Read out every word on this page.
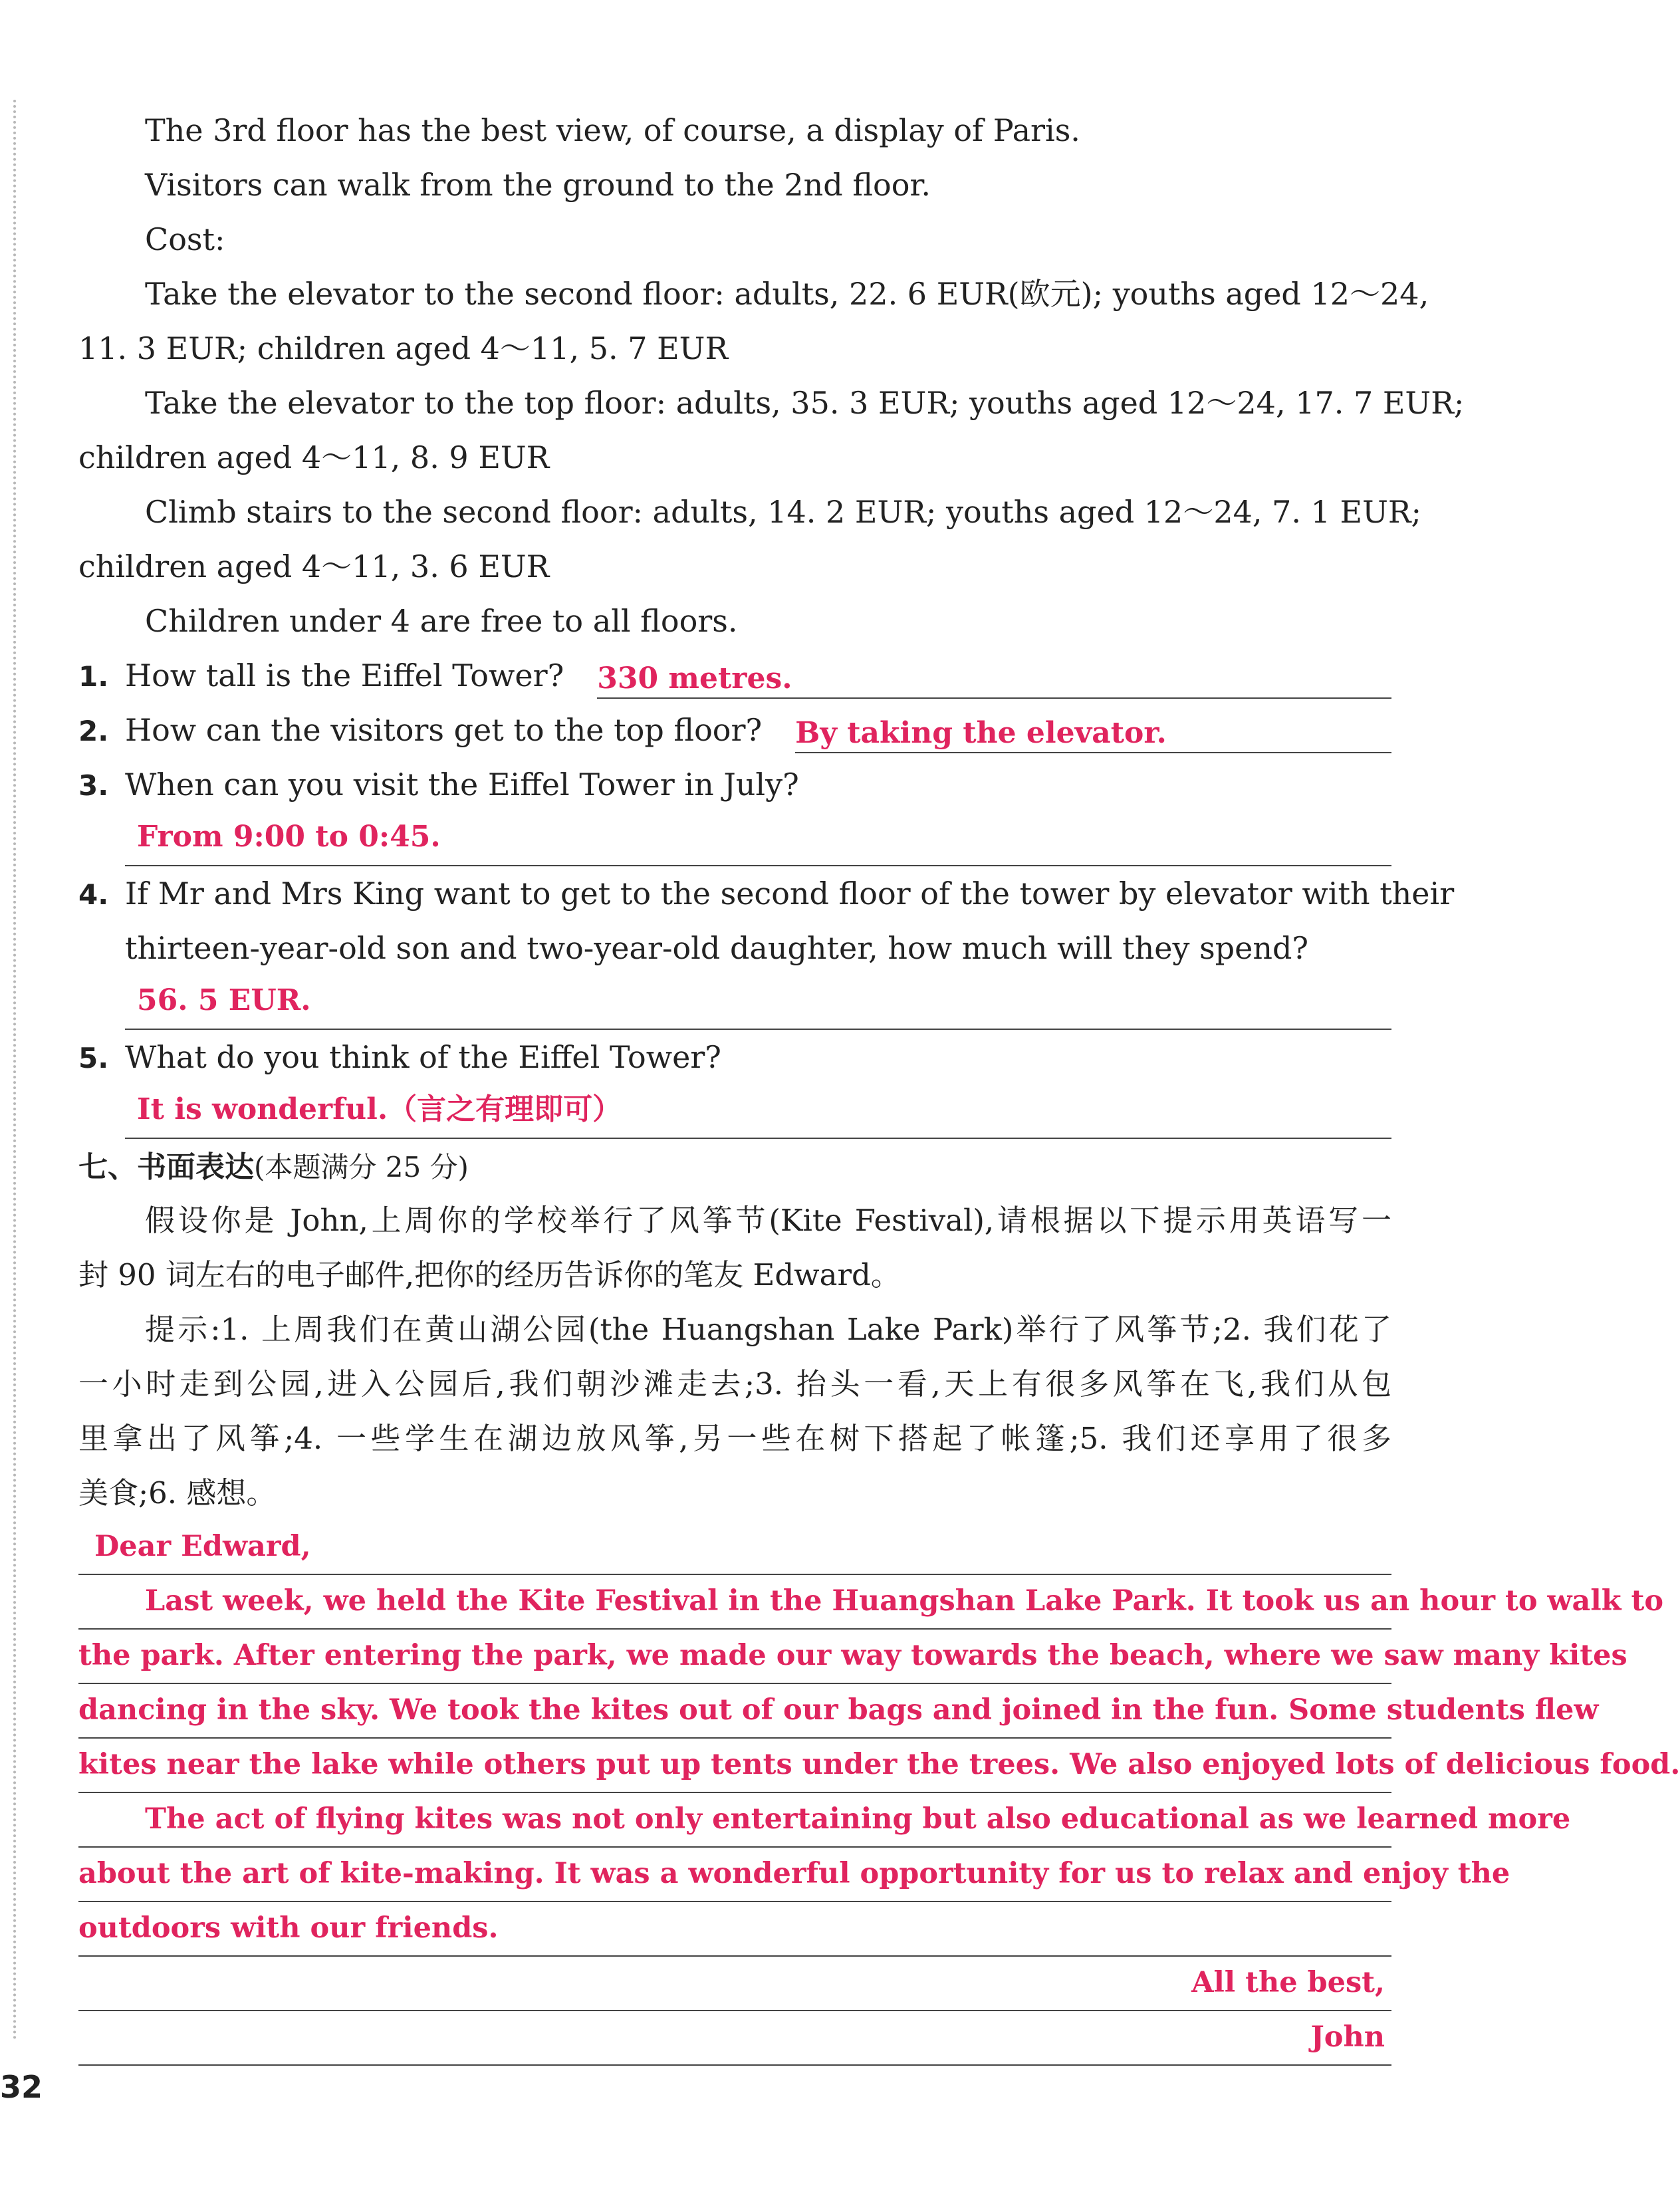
The 3rd floor has the best view, of course, a display of Paris.
Visitors can walk from the ground to the 2nd floor.
Cost:
Take the elevator to the second floor: adults, 22. 6 EUR(欧元); youths aged 12～24,
11. 3 EUR; children aged 4～11, 5. 7 EUR
Take the elevator to the top floor: adults, 35. 3 EUR; youths aged 12～24, 17. 7 EUR;
children aged 4～11, 8. 9 EUR
Climb stairs to the second floor: adults, 14. 2 EUR; youths aged 12～24, 7. 1 EUR;
children aged 4～11, 3. 6 EUR
Children under 4 are free to all floors.
1. How tall is the Eiffel Tower? 330 metres.
2. How can the visitors get to the top floor? By taking the elevator.
3. When can you visit the Eiffel Tower in July?
From 9:00 to 0:45.
4. If Mr and Mrs King want to get to the second floor of the tower by elevator with their
thirteen-year-old son and two-year-old daughter, how much will they spend?
56. 5 EUR.
5. What do you think of the Eiffel Tower?
It is wonderful.（言之有理即可）
七、书面表达(本题满分 25 分)
假设你是 John,上周你的学校举行了风筝节(Kite Festival),请根据以下提示用英语写一
封 90 词左右的电子邮件,把你的经历告诉你的笔友 Edward。
提示:1. 上周我们在黄山湖公园(the Huangshan Lake Park)举行了风筝节;2. 我们花了
一小时走到公园,进入公园后,我们朝沙滩走去;3. 抬头一看,天上有很多风筝在飞,我们从包
里拿出了风筝;4. 一些学生在湖边放风筝,另一些在树下搭起了帐篷;5. 我们还享用了很多
美食;6. 感想。
Dear Edward,
Last week, we held the Kite Festival in the Huangshan Lake Park. It took us an hour to walk to
the park. After entering the park, we made our way towards the beach, where we saw many kites
dancing in the sky. We took the kites out of our bags and joined in the fun. Some students flew
kites near the lake while others put up tents under the trees. We also enjoyed lots of delicious food.
The act of flying kites was not only entertaining but also educational as we learned more
about the art of kite-making. It was a wonderful opportunity for us to relax and enjoy the
outdoors with our friends.
All the best,
John
32
